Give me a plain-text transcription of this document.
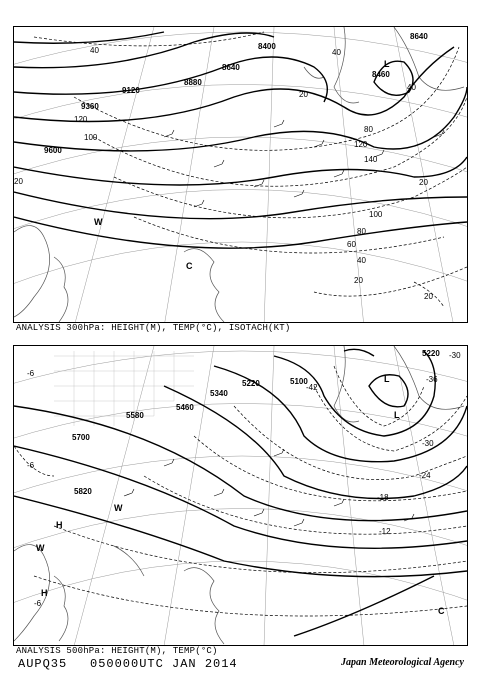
8400
8640
8880
9120
9360
9600
8460
8640
40	40
120
100
20
80
40
120
140
100
80
60
40
20
20	20
20
L
W
C
ANALYSIS 300hPa: HEIGHT(M), TEMP(°C), ISOTACH(KT)
5220
5100
5340
5220
5580
5460
5700
5820
-30
-42
-36
-30
-24
-18
-12
-6
-6
-6
L
L
H
W
H
W
C
ANALYSIS 500hPa: HEIGHT(M), TEMP(°C)
AUPQ35 050000UTC JAN 2014	Japan Meteorological Agency
